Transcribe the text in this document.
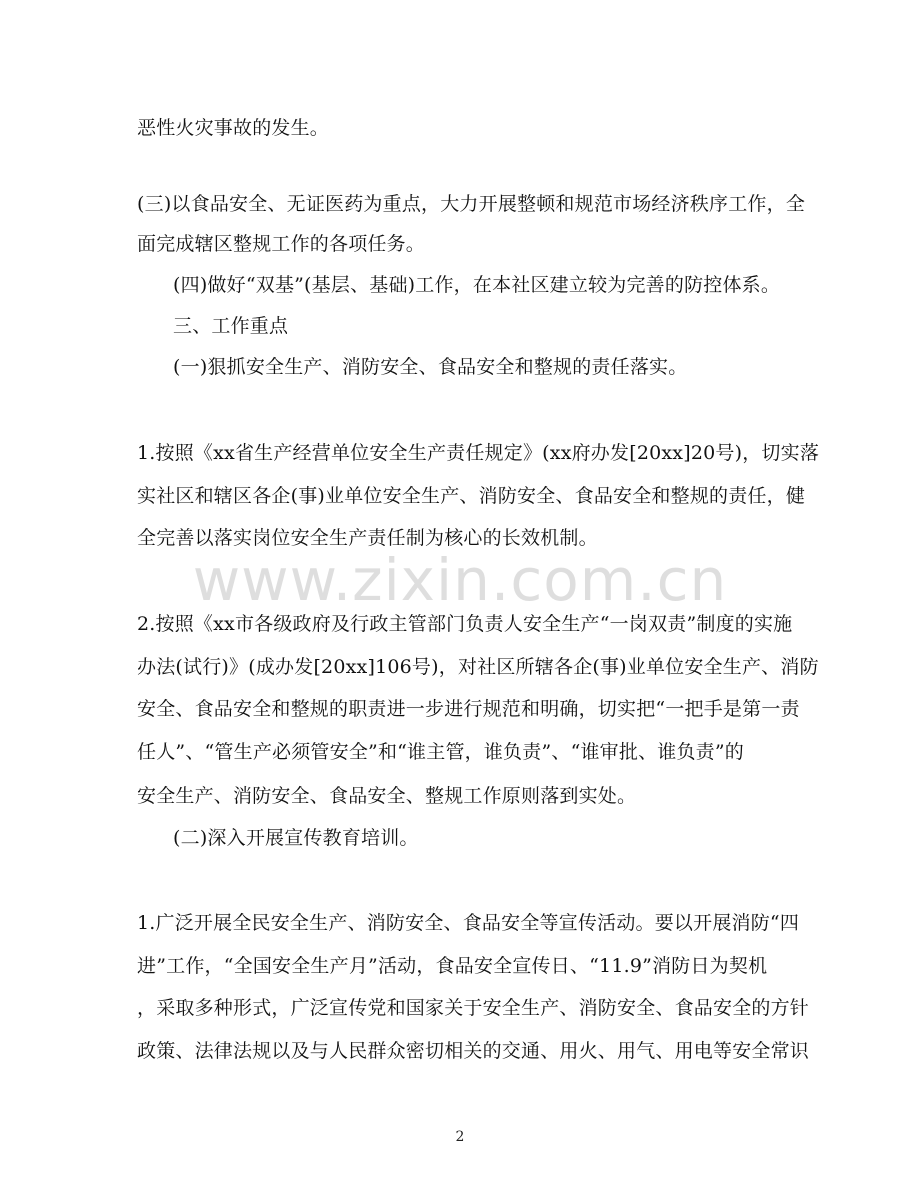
恶性火灾事故的发生。
(三)以食品安全、无证医药为重点，大力开展整顿和规范市场经济秩序工作，全
面完成辖区整规工作的各项任务。
(四)做好“双基”(基层、基础)工作，在本社区建立较为完善的防控体系。
三、工作重点
(一)狠抓安全生产、消防安全、食品安全和整规的责任落实。
1.按照《xx省生产经营单位安全生产责任规定》(xx府办发[20xx]20号)，切实落
实社区和辖区各企(事)业单位安全生产、消防安全、食品安全和整规的责任，健
全完善以落实岗位安全生产责任制为核心的长效机制。
2.按照《xx市各级政府及行政主管部门负责人安全生产“一岗双责”制度的实施
办法(试行)》(成办发[20xx]106号)，对社区所辖各企(事)业单位安全生产、消防
安全、食品安全和整规的职责进一步进行规范和明确，切实把“一把手是第一责
任人”、“管生产必须管安全”和“谁主管，谁负责”、“谁审批、谁负责”的
安全生产、消防安全、食品安全、整规工作原则落到实处。
(二)深入开展宣传教育培训。
1.广泛开展全民安全生产、消防安全、食品安全等宣传活动。要以开展消防“四
进”工作，“全国安全生产月”活动，食品安全宣传日、“11.9”消防日为契机
，采取多种形式，广泛宣传党和国家关于安全生产、消防安全、食品安全的方针
政策、法律法规以及与人民群众密切相关的交通、用火、用气、用电等安全常识
www.zixin.com.cn
2
